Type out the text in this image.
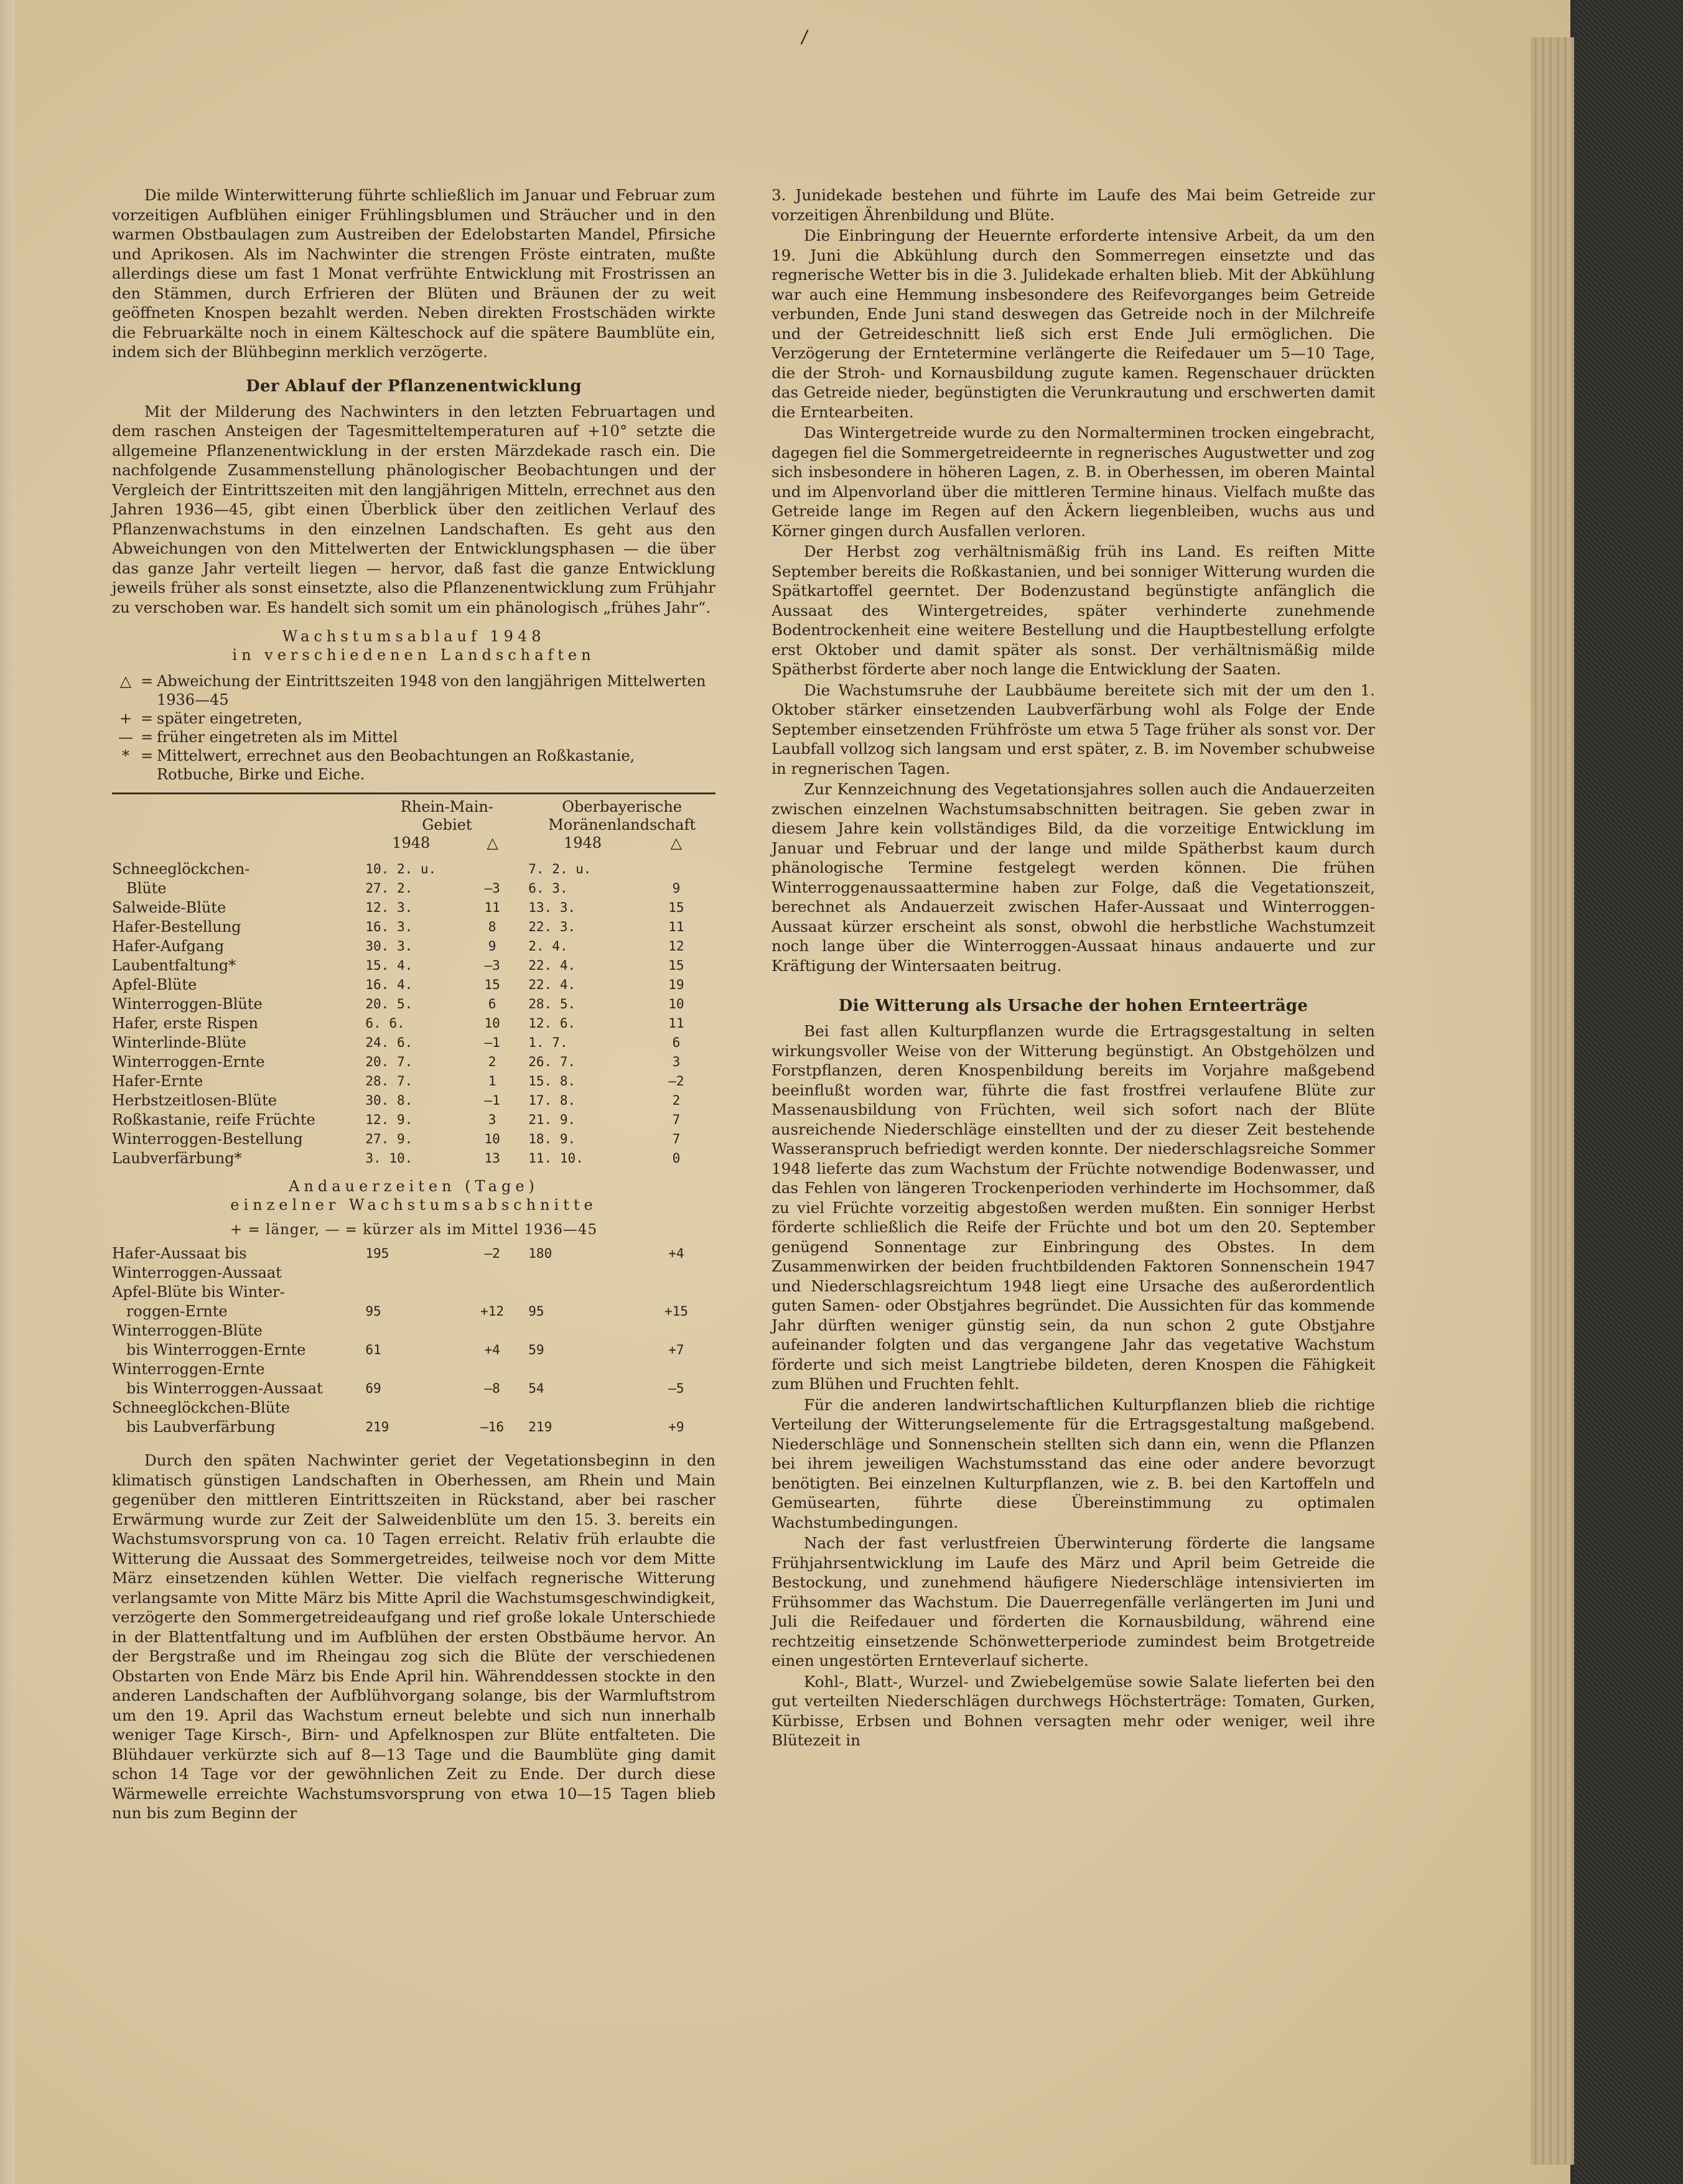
/

Die milde Winterwitterung führte schließlich im Januar und Februar zum vorzeitigen Aufblühen einiger Frühlingsblumen und Sträucher und in den warmen Obstbaulagen zum Austreiben der Edelobstarten Mandel, Pfirsiche und Aprikosen. Als im Nachwinter die strengen Fröste eintraten, mußte allerdings diese um fast 1 Monat verfrühte Entwicklung mit Frostrissen an den Stämmen, durch Erfrieren der Blüten und Bräunen der zu weit geöffneten Knospen bezahlt werden. Neben direkten Frostschäden wirkte die Februarkälte noch in einem Kälteschock auf die spätere Baumblüte ein, indem sich der Blühbeginn merklich verzögerte.

Der Ablauf der Pflanzenentwicklung

Mit der Milderung des Nachwinters in den letzten Februartagen und dem raschen Ansteigen der Tagesmitteltemperaturen auf +10° setzte die allgemeine Pflanzenentwicklung in der ersten Märzdekade rasch ein. Die nachfolgende Zusammenstellung phänologischer Beobachtungen und der Vergleich der Eintrittszeiten mit den langjährigen Mitteln, errechnet aus den Jahren 1936—45, gibt einen Überblick über den zeitlichen Verlauf des Pflanzenwachstums in den einzelnen Landschaften. Es geht aus den Abweichungen von den Mittelwerten der Entwicklungsphasen — die über das ganze Jahr verteilt liegen — hervor, daß fast die ganze Entwicklung jeweils früher als sonst einsetzte, also die Pflanzenentwicklung zum Frühjahr zu verschoben war. Es handelt sich somit um ein phänologisch „frühes Jahr“.

Wachstumsablauf 1948
in verschiedenen Landschaften
△ = Abweichung der Eintrittszeiten 1948 von den langjährigen Mittelwerten 1936—45
+ = später eingetreten,
— = früher eingetreten als im Mittel
* = Mittelwert, errechnet aus den Beobachtungen an Roßkastanie, Rotbuche, Birke und Eiche.
Rhein-Main-
Gebiet
1948	△
Oberbayerische
Moränenlandschaft
1948	△
Schneeglöckchen-	10. 2. u.		7. 2. u.	
Blüte	27. 2.	—3	6. 3.	9
Salweide-Blüte	12. 3.	11	13. 3.	15
Hafer-Bestellung	16. 3.	8	22. 3.	11
Hafer-Aufgang	30. 3.	9	2. 4.	12
Laubentfaltung*	15. 4.	—3	22. 4.	15
Apfel-Blüte	16. 4.	15	22. 4.	19
Winterroggen-Blüte	20. 5.	6	28. 5.	10
Hafer, erste Rispen	6. 6.	10	12. 6.	11
Winterlinde-Blüte	24. 6.	—1	1. 7.	6
Winterroggen-Ernte	20. 7.	2	26. 7.	3
Hafer-Ernte	28. 7.	1	15. 8.	—2
Herbstzeitlosen-Blüte	30. 8.	—1	17. 8.	2
Roßkastanie, reife Früchte	12. 9.	3	21. 9.	7
Winterroggen-Bestellung	27. 9.	10	18. 9.	7
Laubverfärbung*	3. 10.	13	11. 10.	0
Andauerzeiten (Tage)
einzelner Wachstumsabschnitte
+ = länger, — = kürzer als im Mittel 1936—45
Hafer-Aussaat bis	195	—2	180	+4
Winterroggen-Aussaat				
Apfel-Blüte bis Winter-				
roggen-Ernte	95	+12	95	+15
Winterroggen-Blüte				
bis Winterroggen-Ernte	61	+4	59	+7
Winterroggen-Ernte				
bis Winterroggen-Aussaat	69	—8	54	—5
Schneeglöckchen-Blüte				
bis Laubverfärbung	219	—16	219	+9

Durch den späten Nachwinter geriet der Vegetationsbeginn in den klimatisch günstigen Landschaften in Oberhessen, am Rhein und Main gegenüber den mittleren Eintrittszeiten in Rückstand, aber bei rascher Erwärmung wurde zur Zeit der Salweidenblüte um den 15. 3. bereits ein Wachstumsvorsprung von ca. 10 Tagen erreicht. Relativ früh erlaubte die Witterung die Aussaat des Sommergetreides, teilweise noch vor dem Mitte März einsetzenden kühlen Wetter. Die vielfach regnerische Witterung verlangsamte von Mitte März bis Mitte April die Wachstumsgeschwindigkeit, verzögerte den Sommergetreideaufgang und rief große lokale Unterschiede in der Blattentfaltung und im Aufblühen der ersten Obstbäume hervor. An der Bergstraße und im Rheingau zog sich die Blüte der verschiedenen Obstarten von Ende März bis Ende April hin. Währenddessen stockte in den anderen Landschaften der Aufblühvorgang solange, bis der Warmluftstrom um den 19. April das Wachstum erneut belebte und sich nun innerhalb weniger Tage Kirsch-, Birn- und Apfelknospen zur Blüte entfalteten. Die Blühdauer verkürzte sich auf 8—13 Tage und die Baumblüte ging damit schon 14 Tage vor der gewöhnlichen Zeit zu Ende. Der durch diese Wärmewelle erreichte Wachstumsvorsprung von etwa 10—15 Tagen blieb nun bis zum Beginn der

3. Junidekade bestehen und führte im Laufe des Mai beim Getreide zur vorzeitigen Ährenbildung und Blüte.

Die Einbringung der Heuernte erforderte intensive Arbeit, da um den 19. Juni die Abkühlung durch den Sommerregen einsetzte und das regnerische Wetter bis in die 3. Julidekade erhalten blieb. Mit der Abkühlung war auch eine Hemmung insbesondere des Reifevorganges beim Getreide verbunden, Ende Juni stand deswegen das Getreide noch in der Milchreife und der Getreideschnitt ließ sich erst Ende Juli ermöglichen. Die Verzögerung der Erntetermine verlängerte die Reifedauer um 5—10 Tage, die der Stroh- und Kornausbildung zugute kamen. Regenschauer drückten das Getreide nieder, begünstigten die Verunkrautung und erschwerten damit die Erntearbeiten.

Das Wintergetreide wurde zu den Normalterminen trocken eingebracht, dagegen fiel die Sommergetreideernte in regnerisches Augustwetter und zog sich insbesondere in höheren Lagen, z. B. in Oberhessen, im oberen Maintal und im Alpenvorland über die mittleren Termine hinaus. Vielfach mußte das Getreide lange im Regen auf den Äckern liegenbleiben, wuchs aus und Körner gingen durch Ausfallen verloren.

Der Herbst zog verhältnismäßig früh ins Land. Es reiften Mitte September bereits die Roßkastanien, und bei sonniger Witterung wurden die Spätkartoffel geerntet. Der Bodenzustand begünstigte anfänglich die Aussaat des Wintergetreides, später verhinderte zunehmende Bodentrockenheit eine weitere Bestellung und die Hauptbestellung erfolgte erst Oktober und damit später als sonst. Der verhältnismäßig milde Spätherbst förderte aber noch lange die Entwicklung der Saaten.

Die Wachstumsruhe der Laubbäume bereitete sich mit der um den 1. Oktober stärker einsetzenden Laubverfärbung wohl als Folge der Ende September einsetzenden Frühfröste um etwa 5 Tage früher als sonst vor. Der Laubfall vollzog sich langsam und erst später, z. B. im November schubweise in regnerischen Tagen.

Zur Kennzeichnung des Vegetationsjahres sollen auch die Andauerzeiten zwischen einzelnen Wachstumsabschnitten beitragen. Sie geben zwar in diesem Jahre kein vollständiges Bild, da die vorzeitige Entwicklung im Januar und Februar und der lange und milde Spätherbst kaum durch phänologische Termine festgelegt werden können. Die frühen Winterroggenaussaattermine haben zur Folge, daß die Vegetationszeit, berechnet als Andauerzeit zwischen Hafer-Aussaat und Winterroggen-Aussaat kürzer erscheint als sonst, obwohl die herbstliche Wachstumzeit noch lange über die Winterroggen-Aussaat hinaus andauerte und zur Kräftigung der Wintersaaten beitrug.

Die Witterung als Ursache der hohen Ernteerträge

Bei fast allen Kulturpflanzen wurde die Ertragsgestaltung in selten wirkungsvoller Weise von der Witterung begünstigt. An Obstgehölzen und Forstpflanzen, deren Knospenbildung bereits im Vorjahre maßgebend beeinflußt worden war, führte die fast frostfrei verlaufene Blüte zur Massenausbildung von Früchten, weil sich sofort nach der Blüte ausreichende Niederschläge einstellten und der zu dieser Zeit bestehende Wasseranspruch befriedigt werden konnte. Der niederschlagsreiche Sommer 1948 lieferte das zum Wachstum der Früchte notwendige Bodenwasser, und das Fehlen von längeren Trockenperioden verhinderte im Hochsommer, daß zu viel Früchte vorzeitig abgestoßen werden mußten. Ein sonniger Herbst förderte schließlich die Reife der Früchte und bot um den 20. September genügend Sonnentage zur Einbringung des Obstes. In dem Zusammenwirken der beiden fruchtbildenden Faktoren Sonnenschein 1947 und Niederschlagsreichtum 1948 liegt eine Ursache des außerordentlich guten Samen- oder Obstjahres begründet. Die Aussichten für das kommende Jahr dürften weniger günstig sein, da nun schon 2 gute Obstjahre aufeinander folgten und das vergangene Jahr das vegetative Wachstum förderte und sich meist Langtriebe bildeten, deren Knospen die Fähigkeit zum Blühen und Fruchten fehlt.

Für die anderen landwirtschaftlichen Kulturpflanzen blieb die richtige Verteilung der Witterungselemente für die Ertragsgestaltung maßgebend. Niederschläge und Sonnenschein stellten sich dann ein, wenn die Pflanzen bei ihrem jeweiligen Wachstumsstand das eine oder andere bevorzugt benötigten. Bei einzelnen Kulturpflanzen, wie z. B. bei den Kartoffeln und Gemüsearten, führte diese Übereinstimmung zu optimalen Wachstumbedingungen.

Nach der fast verlustfreien Überwinterung förderte die langsame Frühjahrsentwicklung im Laufe des März und April beim Getreide die Bestockung, und zunehmend häufigere Niederschläge intensivierten im Frühsommer das Wachstum. Die Dauerregenfälle verlängerten im Juni und Juli die Reifedauer und förderten die Kornausbildung, während eine rechtzeitig einsetzende Schönwetterperiode zumindest beim Brotgetreide einen ungestörten Ernteverlauf sicherte.

Kohl-, Blatt-, Wurzel- und Zwiebelgemüse sowie Salate lieferten bei den gut verteilten Niederschlägen durchwegs Höchsterträge: Tomaten, Gurken, Kürbisse, Erbsen und Bohnen versagten mehr oder weniger, weil ihre Blütezeit in
